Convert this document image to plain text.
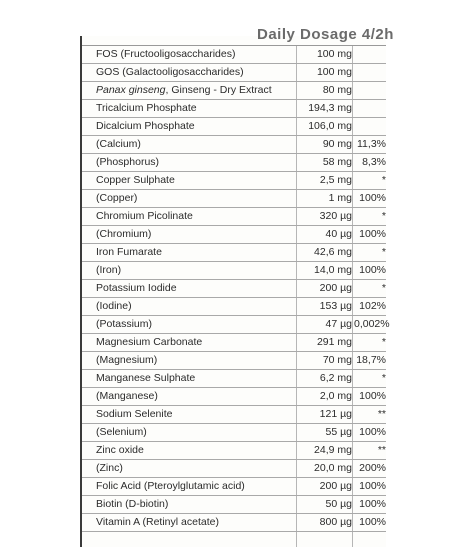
Daily Dosage 4/2h
FOS (Fructooligosaccharides)	100 mg
GOS (Galactooligosaccharides)	100 mg
Panax ginseng, Ginseng - Dry Extract	80 mg
Tricalcium Phosphate	194,3 mg
Dicalcium Phosphate	106,0 mg
(Calcium)	90 mg 11,3%
(Phosphorus)	58 mg 8,3%
Copper Sulphate	2,5 mg	*
(Copper)	1 mg 100%
Chromium Picolinate	320 µg	*
(Chromium)	40 µg 100%
Iron Fumarate	42,6 mg	*
(Iron)	14,0 mg 100%
Potassium Iodide	200 µg	*
(Iodine)	153 µg 102%
(Potassium)	47 µg 0,002%
Magnesium Carbonate	291 mg	*
(Magnesium)	70 mg 18,7%
Manganese Sulphate	6,2 mg	*
(Manganese)	2,0 mg 100%
Sodium Selenite	121 µg	**
(Selenium)	55 µg 100%
Zinc oxide	24,9 mg	**
(Zinc)	20,0 mg 200%
Folic Acid (Pteroylglutamic acid)	200 µg 100%
Biotin (D-biotin)	50 µg 100%
Vitamin A (Retinyl acetate)	800 µg 100%
